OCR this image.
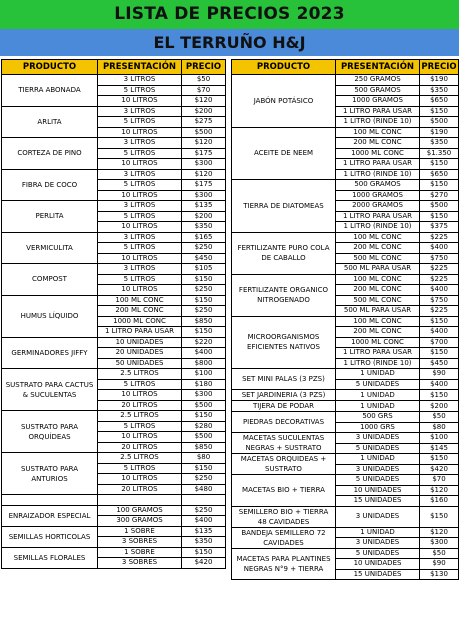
LISTA DE PRECIOS 2023
EL TERRUÑO H&J
PRODUCTO	PRESENTACIÓN	PRECIO
TIERRA ABONADA	3 LITROS	$50
	5 LITROS	$70
	10 LITROS	$120
ARLITA	3 LITROS	$200
	5 LITROS	$275
	10 LITROS	$500
CORTEZA DE PINO	3 LITROS	$120
	5 LITROS	$175
	10 LITROS	$300
FIBRA DE COCO	3 LITROS	$120
	5 LITROS	$175
	10 LITROS	$300
PERLITA	3 LITROS	$135
	5 LITROS	$200
	10 LITROS	$350
VERMICULITA	3 LITROS	$165
	5 LITROS	$250
	10 LITROS	$450
COMPOST	3 LITROS	$105
	5 LITROS	$150
	10 LITROS	$250
HUMUS LÍQUIDO	100 ML CONC	$150
	200 ML CONC	$250
	1000 ML CONC	$850
	1 LITRO PARA USAR	$150
GERMINADORES JIFFY	10 UNIDADES	$220
	20 UNIDADES	$400
	50 UNIDADES	$800
SUSTRATO PARA CACTUS & SUCULENTAS	2.5 LITROS	$100
	5 LITROS	$180
	10 LITROS	$300
	20 LITROS	$500
SUSTRATO PARA ORQUÍDEAS	2.5 LITROS	$150
	5 LITROS	$280
	10 LITROS	$500
	20 LITROS	$850
SUSTRATO PARA ANTURIOS	2.5 LITROS	$80
	5 LITROS	$150
	10 LITROS	$250
	20 LITROS	$480

ENRAIZADOR ESPECIAL	100 GRAMOS	$250
	300 GRAMOS	$400
SEMILLAS HORTICOLAS	1 SOBRE	$135
	3 SOBRES	$350
SEMILLAS FLORALES	1 SOBRE	$150
	3 SOBRES	$420
PRODUCTO	PRESENTACIÓN	PRECIO
JABÓN POTÁSICO	250 GRAMOS	$190
	500 GRAMOS	$350
	1000 GRAMOS	$650
	1 LITRO PARA USAR	$150
	1 LITRO (RINDE 10)	$500
ACEITE DE NEEM	100 ML CONC	$190
	200 ML CONC	$350
	1000 ML CONC	$1.350
	1 LITRO PARA USAR	$150
	1 LITRO (RINDE 10)	$650
TIERRA DE DIATOMEAS	500 GRAMOS	$150
	1000 GRAMOS	$270
	2000 GRAMOS	$500
	1 LITRO PARA USAR	$150
	1 LITRO (RINDE 10)	$375
FERTILIZANTE PURO COLA DE CABALLO	100 ML CONC	$225
	200 ML CONC	$400
	500 ML CONC	$750
	500 ML PARA USAR	$225
FERTILIZANTE ORGANICO NITROGENADO	100 ML CONC	$225
	200 ML CONC	$400
	500 ML CONC	$750
	500 ML PARA USAR	$225
MICROORGANISMOS EFICIENTES NATIVOS	100 ML CONC	$150
	200 ML CONC	$400
	1000 ML CONC	$700
	1 LITRO PARA USAR	$150
	1 LITRO (RINDE 10)	$450
SET MINI PALAS (3 PZS)	1 UNIDAD	$90
	5 UNIDADES	$400
SET JARDINERIA (3 PZS)	1 UNIDAD	$150
TIJERA DE PODAR	1 UNIDAD	$200
PIEDRAS DECORATIVAS	500 GRS	$50
	1000 GRS	$80
MACETAS SUCULENTAS NEGRAS + SUSTRATO	3 UNIDADES	$100
	5 UNIDADES	$145
MACETAS ORQUIDEAS + SUSTRATO	1 UNIDAD	$150
	3 UNIDADES	$420
MACETAS BIO + TIERRA	5 UNIDADES	$70
	10 UNIDADES	$120
	15 UNIDADES	$160
SEMILLERO BIO + TIERRA 48 CAVIDADES	3 UNIDADES	$150
BANDEJA SEMILLERO 72 CAVIDADES	1 UNIDAD	$120
	3 UNIDADES	$300
MACETAS PARA PLANTINES NEGRAS N°9 + TIERRA	5 UNIDADES	$50
	10 UNIDADES	$90
	15 UNIDADES	$130
